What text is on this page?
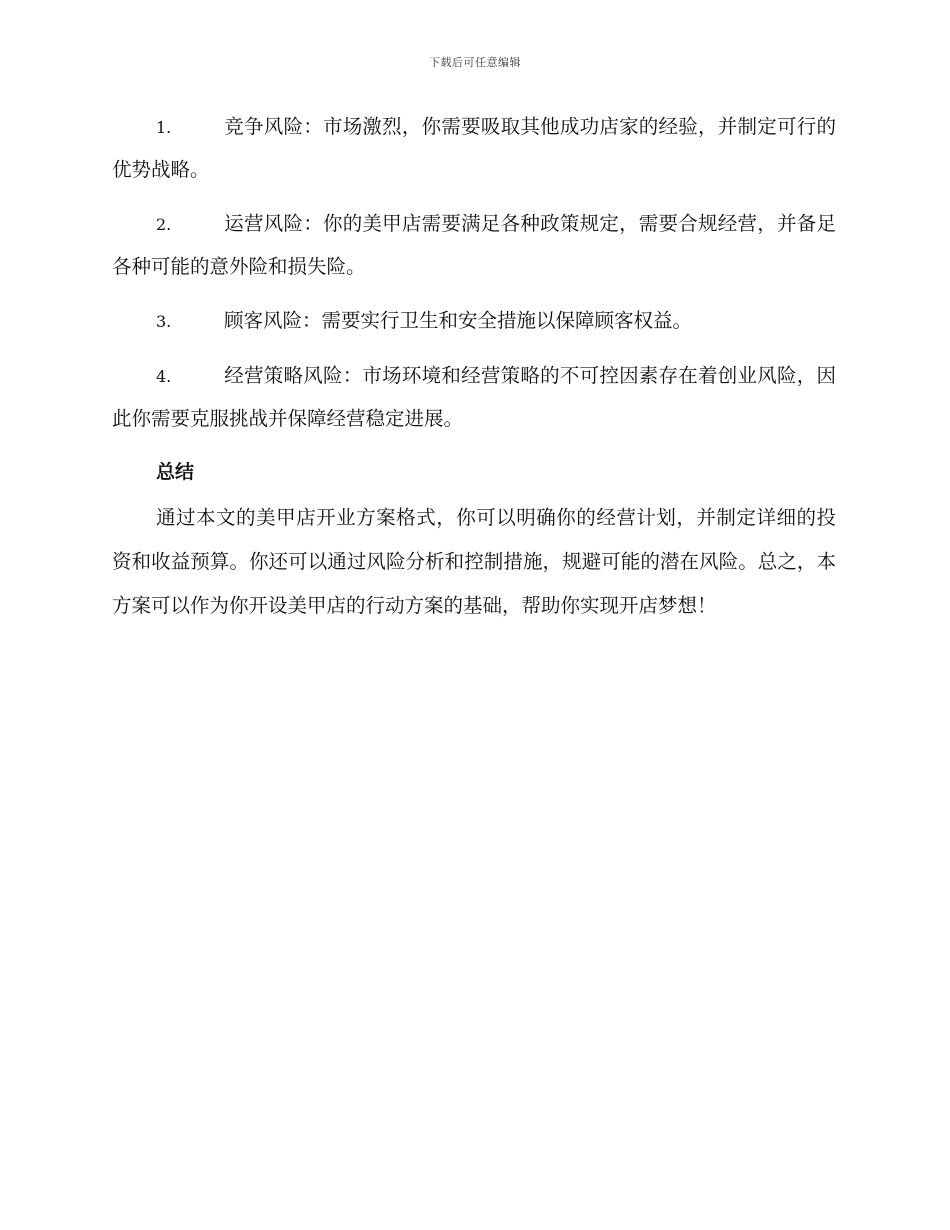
下载后可任意编辑

1.	竞争风险：市场激烈，你需要吸取其他成功店家的经验，并制定可行的优势战略。

2.	运营风险：你的美甲店需要满足各种政策规定，需要合规经营，并备足各种可能的意外险和损失险。

3.	顾客风险：需要实行卫生和安全措施以保障顾客权益。

4.	经营策略风险：市场环境和经营策略的不可控因素存在着创业风险，因此你需要克服挑战并保障经营稳定进展。

总结

通过本文的美甲店开业方案格式，你可以明确你的经营计划，并制定详细的投资和收益预算。你还可以通过风险分析和控制措施，规避可能的潜在风险。总之，本方案可以作为你开设美甲店的行动方案的基础，帮助你实现开店梦想！
